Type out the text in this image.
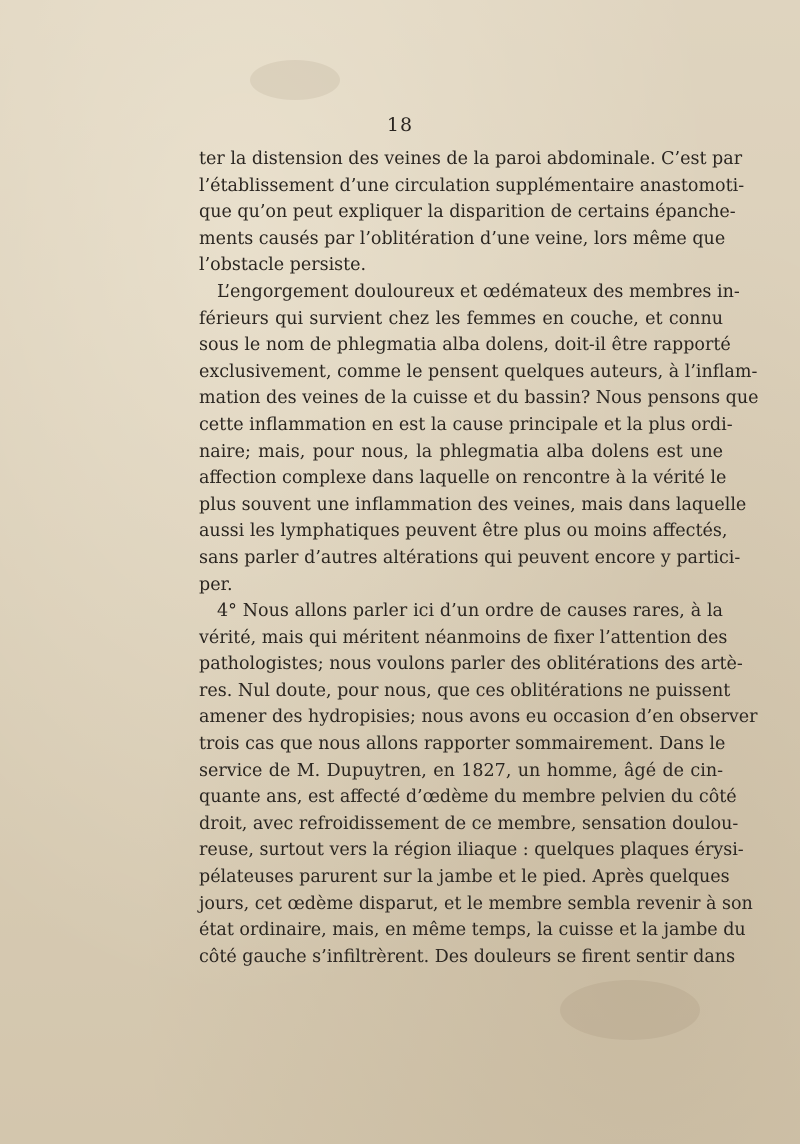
18
ter la distension des veines de la paroi abdominale. C’est par
l’établissement d’une circulation supplémentaire anastomoti-
que qu’on peut expliquer la disparition de certains épanche-
ments causés par l’oblitération d’une veine, lors même que
l’obstacle persiste.
L’engorgement douloureux et œdémateux des membres in-
férieurs qui survient chez les femmes en couche, et connu
sous le nom de phlegmatia alba dolens, doit-il être rapporté
exclusivement, comme le pensent quelques auteurs, à l’inflam-
mation des veines de la cuisse et du bassin? Nous pensons que
cette inflammation en est la cause principale et la plus ordi-
naire; mais, pour nous, la phlegmatia alba dolens est une
affection complexe dans laquelle on rencontre à la vérité le
plus souvent une inflammation des veines, mais dans laquelle
aussi les lymphatiques peuvent être plus ou moins affectés,
sans parler d’autres altérations qui peuvent encore y partici-
per.
4° Nous allons parler ici d’un ordre de causes rares, à la
vérité, mais qui méritent néanmoins de fixer l’attention des
pathologistes; nous voulons parler des oblitérations des artè-
res. Nul doute, pour nous, que ces oblitérations ne puissent
amener des hydropisies; nous avons eu occasion d’en observer
trois cas que nous allons rapporter sommairement. Dans le
service de M. Dupuytren, en 1827, un homme, âgé de cin-
quante ans, est affecté d’œdème du membre pelvien du côté
droit, avec refroidissement de ce membre, sensation doulou-
reuse, surtout vers la région iliaque : quelques plaques érysi-
pélateuses parurent sur la jambe et le pied. Après quelques
jours, cet œdème disparut, et le membre sembla revenir à son
état ordinaire, mais, en même temps, la cuisse et la jambe du
côté gauche s’infiltrèrent. Des douleurs se firent sentir dans
